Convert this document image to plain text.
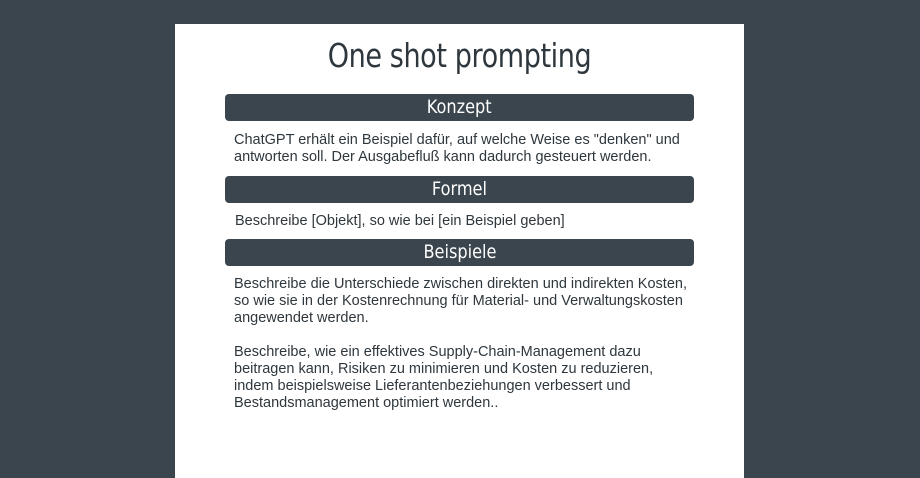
One shot prompting
Konzept

ChatGPT erhält ein Beispiel dafür, auf welche Weise es "denken" und antworten soll. Der Ausgabefluß kann dadurch gesteuert werden.

Formel

Beschreibe [Objekt], so wie bei [ein Beispiel geben]

Beispiele

Beschreibe die Unterschiede zwischen direkten und indirekten Kosten, so wie sie in der Kostenrechnung für Material- und Verwaltungskosten angewendet werden.

Beschreibe, wie ein effektives Supply-Chain-Management dazu beitragen kann, Risiken zu minimieren und Kosten zu reduzieren, indem beispielsweise Lieferantenbeziehungen verbessert und Bestandsmanagement optimiert werden..
